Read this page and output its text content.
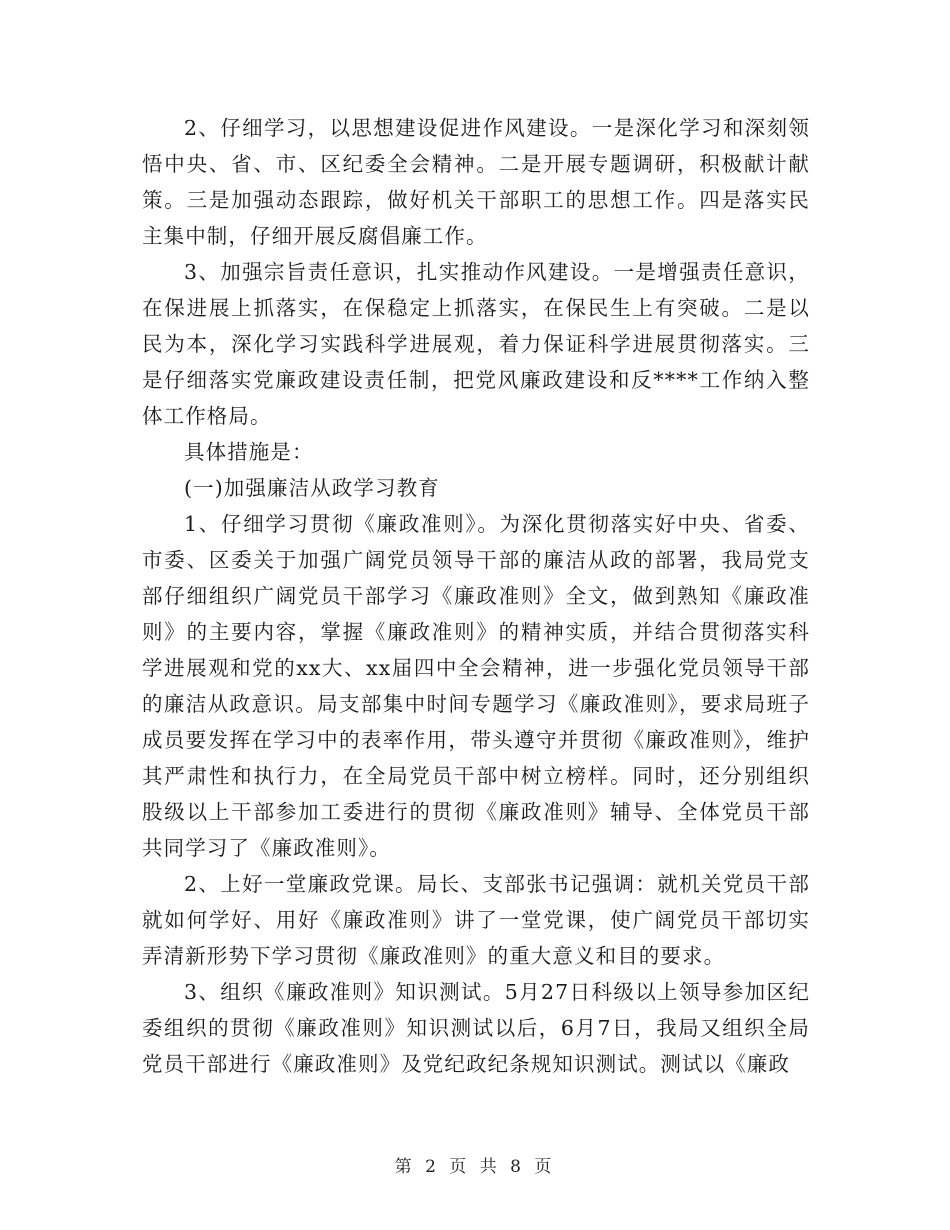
2、仔细学习，以思想建设促进作风建设。一是深化学习和深刻领悟中央、省、市、区纪委全会精神。二是开展专题调研，积极献计献策。三是加强动态跟踪，做好机关干部职工的思想工作。四是落实民主集中制，仔细开展反腐倡廉工作。

3、加强宗旨责任意识，扎实推动作风建设。一是增强责任意识，在保进展上抓落实，在保稳定上抓落实，在保民生上有突破。二是以民为本，深化学习实践科学进展观，着力保证科学进展贯彻落实。三是仔细落实党廉政建设责任制，把党风廉政建设和反****工作纳入整体工作格局。

具体措施是：

(一)加强廉洁从政学习教育

1、仔细学习贯彻《廉政准则》。为深化贯彻落实好中央、省委、市委、区委关于加强广阔党员领导干部的廉洁从政的部署，我局党支部仔细组织广阔党员干部学习《廉政准则》全文，做到熟知《廉政准则》的主要内容，掌握《廉政准则》的精神实质，并结合贯彻落实科学进展观和党的xx大、xx届四中全会精神，进一步强化党员领导干部的廉洁从政意识。局支部集中时间专题学习《廉政准则》，要求局班子成员要发挥在学习中的表率作用，带头遵守并贯彻《廉政准则》，维护其严肃性和执行力，在全局党员干部中树立榜样。同时，还分别组织股级以上干部参加工委进行的贯彻《廉政准则》辅导、全体党员干部共同学习了《廉政准则》。

2、上好一堂廉政党课。局长、支部张书记强调：就机关党员干部就如何学好、用好《廉政准则》讲了一堂党课，使广阔党员干部切实弄清新形势下学习贯彻《廉政准则》的重大意义和目的要求。

3、组织《廉政准则》知识测试。5月27日科级以上领导参加区纪委组织的贯彻《廉政准则》知识测试以后，6月7日，我局又组织全局党员干部进行《廉政准则》及党纪政纪条规知识测试。测试以《廉政

第 2 页 共 8 页
